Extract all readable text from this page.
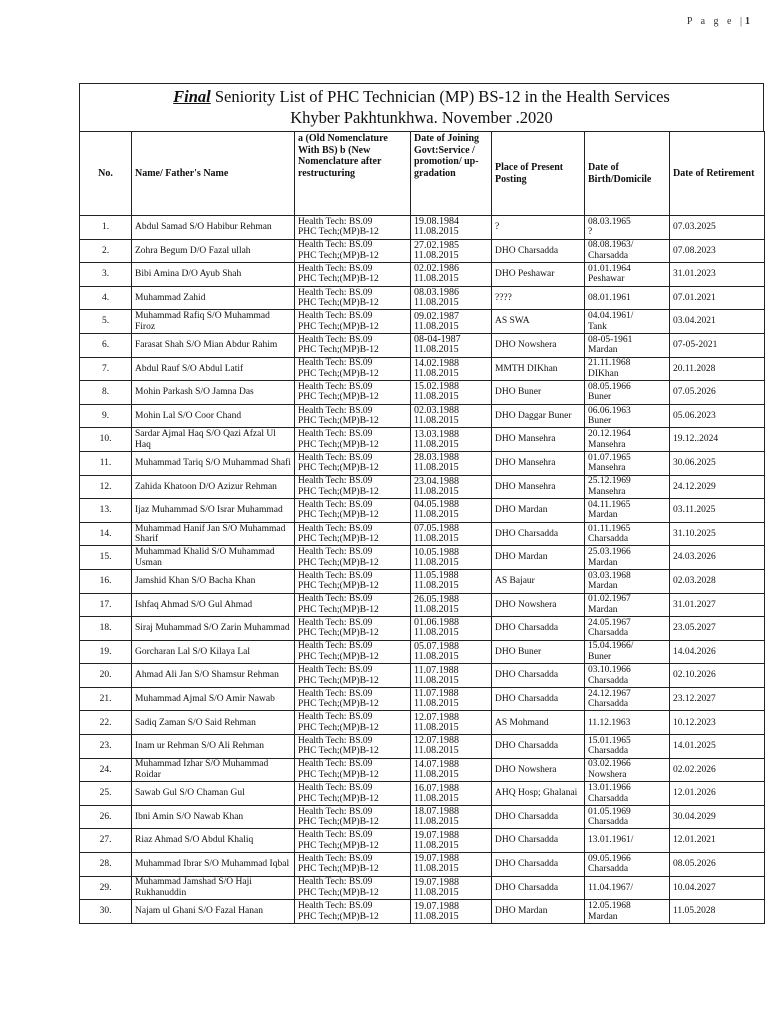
P a g e |1
Final Seniority List of PHC Technician (MP) BS-12 in the Health Services
Khyber Pakhtunkhwa. November .2020
No.	Name/ Father's Name	a (Old Nomenclature With BS) b (New Nomenclature after restructuring	Date of Joining Govt:Service / promotion/ up-gradation	Place of Present Posting	Date of Birth/Domicile	Date of Retirement
1.	Abdul Samad S/O Habibur Rehman	Health Tech: BS.09
PHC Tech;(MP)B-12	19.08.1984
11.08.2015	?	08.03.1965
?	07.03.2025
2.	Zohra Begum D/O Fazal ullah	Health Tech: BS.09
PHC Tech;(MP)B-12	27.02.1985
11.08.2015	DHO Charsadda	08.08.1963/
Charsadda	07.08.2023
3.	Bibi Amina D/O Ayub Shah	Health Tech: BS.09
PHC Tech;(MP)B-12	02.02.1986
11.08.2015	DHO Peshawar	01.01.1964
Peshawar	31.01.2023
4.	Muhammad Zahid	Health Tech: BS.09
PHC Tech;(MP)B-12	08.03.1986
11.08.2015	????	08.01.1961	07.01.2021
5.	Muhammad Rafiq S/O Muhammad Firoz	Health Tech: BS.09
PHC Tech;(MP)B-12	09.02.1987
11.08.2015	AS SWA	04.04.1961/
Tank	03.04.2021
6.	Farasat Shah S/O Mian Abdur Rahim	Health Tech: BS.09
PHC Tech;(MP)B-12	08-04-1987
11.08.2015	DHO Nowshera	08-05-1961
Mardan	07-05-2021
7.	Abdul Rauf S/O Abdul Latif	Health Tech: BS.09
PHC Tech;(MP)B-12	14.02.1988
11.08.2015	MMTH DIKhan	21.11.1968
DIKhan	20.11.2028
8.	Mohin Parkash S/O Jamna Das	Health Tech: BS.09
PHC Tech;(MP)B-12	15.02.1988
11.08.2015	DHO Buner	08.05.1966
Buner	07.05.2026
9.	Mohin Lal S/O Coor Chand	Health Tech: BS.09
PHC Tech;(MP)B-12	02.03.1988
11.08.2015	DHO Daggar Buner	06.06.1963
Buner	05.06.2023
10.	Sardar Ajmal Haq S/O Qazi Afzal Ul Haq	Health Tech: BS.09
PHC Tech;(MP)B-12	13.03.1988
11.08.2015	DHO Mansehra	20.12.1964
Mansehra	19.12..2024
11.	Muhammad Tariq S/O Muhammad Shafi	Health Tech: BS.09
PHC Tech;(MP)B-12	28.03.1988
11.08.2015	DHO Mansehra	01.07.1965
Mansehra	30.06.2025
12.	Zahida Khatoon D/O Azizur Rehman	Health Tech: BS.09
PHC Tech;(MP)B-12	23.04.1988
11.08.2015	DHO Mansehra	25.12.1969
Mansehra	24.12.2029
13.	Ijaz Muhammad S/O Israr Muhammad	Health Tech: BS.09
PHC Tech;(MP)B-12	04.05.1988
11.08.2015	DHO Mardan	04.11.1965
Mardan	03.11.2025
14.	Muhammad Hanif Jan S/O Muhammad Sharif	Health Tech: BS.09
PHC Tech;(MP)B-12	07.05.1988
11.08.2015	DHO Charsadda	01.11.1965
Charsadda	31.10.2025
15.	Muhammad Khalid S/O Muhammad Usman	Health Tech: BS.09
PHC Tech;(MP)B-12	10.05.1988
11.08.2015	DHO Mardan	25.03.1966
Mardan	24.03.2026
16.	Jamshid Khan S/O Bacha Khan	Health Tech: BS.09
PHC Tech;(MP)B-12	11.05.1988
11.08.2015	AS Bajaur	03.03.1968
Mardan	02.03.2028
17.	Ishfaq Ahmad S/O Gul Ahmad	Health Tech: BS.09
PHC Tech;(MP)B-12	26.05.1988
11.08.2015	DHO Nowshera	01.02.1967
Mardan	31.01.2027
18.	Siraj Muhammad S/O Zarin Muhammad	Health Tech: BS.09
PHC Tech;(MP)B-12	01.06.1988
11.08.2015	DHO Charsadda	24.05.1967
Charsadda	23.05.2027
19.	Gorcharan Lal S/O Kilaya Lal	Health Tech: BS.09
PHC Tech;(MP)B-12	05.07.1988
11.08.2015	DHO Buner	15.04.1966/
Buner	14.04.2026
20.	Ahmad Ali Jan S/O Shamsur Rehman	Health Tech: BS.09
PHC Tech;(MP)B-12	11.07.1988
11.08.2015	DHO Charsadda	03.10.1966
Charsadda	02.10.2026
21.	Muhammad Ajmal S/O Amir Nawab	Health Tech: BS.09
PHC Tech;(MP)B-12	11.07.1988
11.08.2015	DHO Charsadda	24.12.1967
Charsadda	23.12.2027
22.	Sadiq Zaman S/O Said Rehman	Health Tech: BS.09
PHC Tech;(MP)B-12	12.07.1988
11.08.2015	AS Mohmand	11.12.1963	10.12.2023
23.	Inam ur Rehman S/O Ali Rehman	Health Tech: BS.09
PHC Tech;(MP)B-12	12.07.1988
11.08.2015	DHO Charsadda	15.01.1965
Charsadda	14.01.2025
24.	Muhammad Izhar S/O Muhammad Roidar	Health Tech: BS.09
PHC Tech;(MP)B-12	14.07.1988
11.08.2015	DHO Nowshera	03.02.1966
Nowshera	02.02.2026
25.	Sawab Gul S/O Chaman Gul	Health Tech: BS.09
PHC Tech;(MP)B-12	16.07.1988
11.08.2015	AHQ Hosp; Ghalanai	13.01.1966
Charsadda	12.01.2026
26.	Ibni Amin S/O Nawab Khan	Health Tech: BS.09
PHC Tech;(MP)B-12	18.07.1988
11.08.2015	DHO Charsadda	01.05.1969
Charsadda	30.04.2029
27.	Riaz Ahmad S/O Abdul Khaliq	Health Tech: BS.09
PHC Tech;(MP)B-12	19.07.1988
11.08.2015	DHO Charsadda	13.01.1961/	12.01.2021
28.	Muhammad Ibrar S/O Muhammad Iqbal	Health Tech: BS.09
PHC Tech;(MP)B-12	19.07.1988
11.08.2015	DHO Charsadda	09.05.1966
Charsadda	08.05.2026
29.	Muhammad Jamshad S/O Haji Rukhanuddin	Health Tech: BS.09
PHC Tech;(MP)B-12	19.07.1988
11.08.2015	DHO Charsadda	11.04.1967/	10.04.2027
30.	Najam ul Ghani S/O Fazal Hanan	Health Tech: BS.09
PHC Tech;(MP)B-12	19.07.1988
11.08.2015	DHO Mardan	12.05.1968
Mardan	11.05.2028
